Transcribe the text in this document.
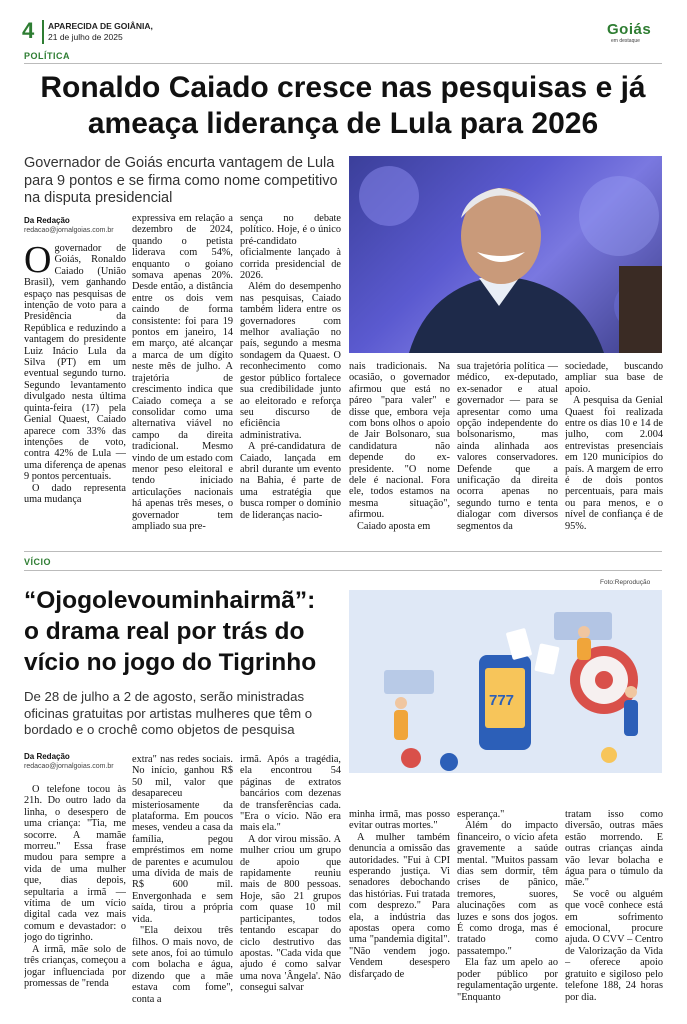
4 APARECIDA DE GOIÂNIA,
21 de julho de 2025	Goiás
em destaque
POLÍTICA
Ronaldo Caiado cresce nas pesquisas e já
ameaça liderança de Lula para 2026
Governador de Goiás encurta vantagem de Lula para 9 pontos e se firma como nome competitivo na disputa presidencial
Da Redação
redacao@jornalgoias.com.br

Ogovernador de Goiás, Ronaldo Caiado (União Brasil), vem ganhando espaço nas pesquisas de intenção de voto para a Presidência da República e reduzindo a vantagem do presidente Luiz Inácio Lula da Silva (PT) em um eventual segundo turno. Segundo levantamento divulgado nesta última quinta-feira (17) pela Genial Quaest, Caiado aparece com 33% das intenções de voto, contra 42% de Lula — uma diferença de apenas 9 pontos percentuais.

O dado representa uma mudança

expressiva em relação a dezembro de 2024, quando o petista liderava com 54%, enquanto o goiano somava apenas 20%. Desde então, a distância entre os dois vem caindo de forma consistente: foi para 19 pontos em janeiro, 14 em março, até alcançar a marca de um dígito neste mês de julho. A trajetória de crescimento indica que Caiado começa a se consolidar como uma alternativa viável no campo da direita tradicional. Mesmo vindo de um estado com menor peso eleitoral e tendo iniciado articulações nacionais há apenas três meses, o governador tem ampliado sua pre-

sença no debate político. Hoje, é o único pré-candidato oficialmente lançado à corrida presidencial de 2026.

Além do desempenho nas pesquisas, Caiado também lidera entre os governadores com melhor avaliação no país, segundo a mesma sondagem da Quaest. O reconhecimento como gestor público fortalece sua credibilidade junto ao eleitorado e reforça seu discurso de eficiência administrativa.

A pré-candidatura de Caiado, lançada em abril durante um evento na Bahia, é parte de uma estratégia que busca romper o domínio de lideranças nacio-

nais tradicionais. Na ocasião, o governador afirmou que está no páreo "para valer" e disse que, embora veja com bons olhos o apoio de Jair Bolsonaro, sua candidatura não depende do ex-presidente. "O nome dele é nacional. Fora ele, todos estamos na mesma situação", afirmou.

Caiado aposta em

sua trajetória política — médico, ex-deputado, ex-senador e atual governador — para se apresentar como uma opção independente do bolsonarismo, mas ainda alinhada aos valores conservadores. Defende que a unificação da direita ocorra apenas no segundo turno e tenta dialogar com diversos segmentos da

sociedade, buscando ampliar sua base de apoio.

A pesquisa da Genial Quaest foi realizada entre os dias 10 e 14 de julho, com 2.004 entrevistas presenciais em 120 municípios do país. A margem de erro é de dois pontos percentuais, para mais ou para menos, e o nível de confiança é de 95%.

VÍCIO
Foto:Reprodução
“Ojogolevouminhairmã”:
o drama real por trás do
vício no jogo do Tigrinho
De 28 de julho a 2 de agosto, serão ministradas oficinas gratuitas por artistas mulheres que têm o bordado e o crochê como objetos de pesquisa
Da Redação
redacao@jornalgoias.com.br
777

O telefone tocou às 21h. Do outro lado da linha, o desespero de uma criança: "Tia, me socorre. A mamãe morreu." Essa frase mudou para sempre a vida de uma mulher que, dias depois, sepultaria a irmã — vítima de um vício digital cada vez mais comum e devastador: o jogo do tigrinho.

A irmã, mãe solo de três crianças, começou a jogar influenciada por promessas de "renda

extra" nas redes sociais. No início, ganhou R$ 50 mil, valor que desapareceu misteriosamente da plataforma. Em poucos meses, vendeu a casa da família, pegou empréstimos em nome de parentes e acumulou uma dívida de mais de R$ 600 mil. Envergonhada e sem saída, tirou a própria vida.

"Ela deixou três filhos. O mais novo, de sete anos, foi ao túmulo com bolacha e água, dizendo que a mãe estava com fome", conta a

irmã. Após a tragédia, ela encontrou 54 páginas de extratos bancários com dezenas de transferências cada. "Era o vício. Não era mais ela."

A dor virou missão. A mulher criou um grupo de apoio que rapidamente reuniu mais de 800 pessoas. Hoje, são 21 grupos com quase 10 mil participantes, todos tentando escapar do ciclo destrutivo das apostas. "Cada vida que ajudo é como salvar uma nova 'Ângela'. Não consegui salvar

minha irmã, mas posso evitar outras mortes."

A mulher também denuncia a omissão das autoridades. "Fui à CPI esperando justiça. Vi senadores debochando das histórias. Fui tratada com desprezo." Para ela, a indústria das apostas opera como uma "pandemia digital". "Não vendem jogo. Vendem desespero disfarçado de

esperança."

Além do impacto financeiro, o vício afeta gravemente a saúde mental. "Muitos passam dias sem dormir, têm crises de pânico, tremores, suores, alucinações com as luzes e sons dos jogos. É como droga, mas é tratado como passatempo."

Ela faz um apelo ao poder público por regulamentação urgente. "Enquanto

tratam isso como diversão, outras mães estão morrendo. E outras crianças ainda vão levar bolacha e água para o túmulo da mãe."

Se você ou alguém que você conhece está em sofrimento emocional, procure ajuda. O CVV – Centro de Valorização da Vida – oferece apoio gratuito e sigiloso pelo telefone 188, 24 horas por dia.
